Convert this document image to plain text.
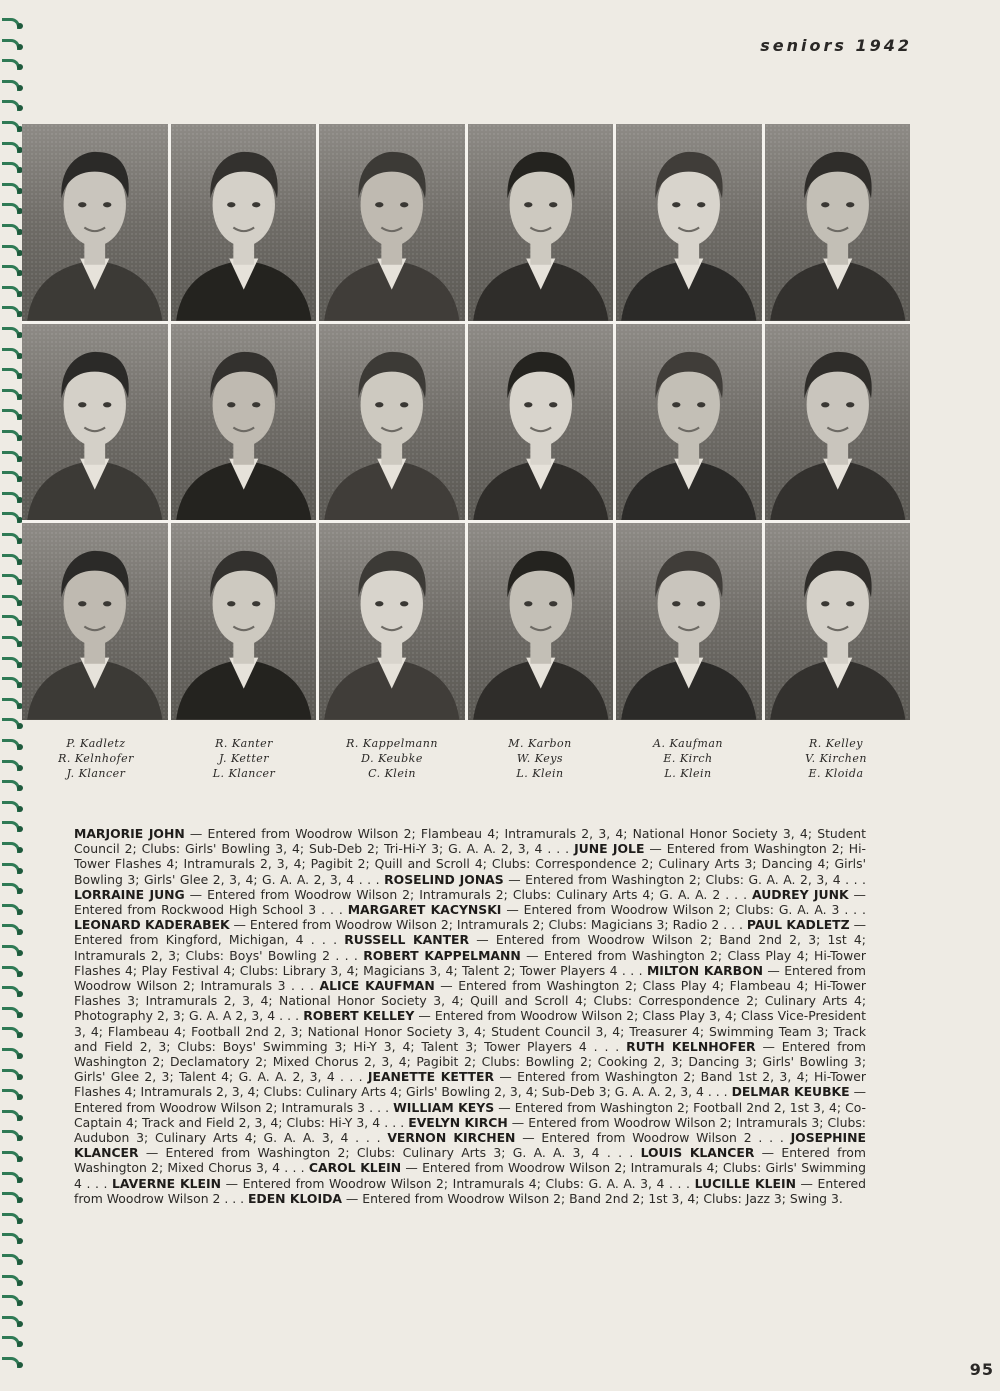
seniors 1942
P. Kadletz
R. Kelnhofer
J. Klancer
R. Kanter
J. Ketter
L. Klancer
R. Kappelmann
D. Keubke
C. Klein
M. Karbon
W. Keys
L. Klein
A. Kaufman
E. Kirch
L. Klein
R. Kelley
V. Kirchen
E. Kloida

MARJORIE JOHN — Entered from Woodrow Wilson 2; Flambeau 4; Intramurals 2, 3, 4; National Honor Society 3, 4; Student Council 2; Clubs: Girls' Bowling 3, 4; Sub-Deb 2; Tri-Hi-Y 3; G. A. A. 2, 3, 4 . . . JUNE JOLE — Entered from Washington 2; Hi-Tower Flashes 4; Intramurals 2, 3, 4; Pagibit 2; Quill and Scroll 4; Clubs: Correspondence 2; Culinary Arts 3; Dancing 4; Girls' Bowling 3; Girls' Glee 2, 3, 4; G. A. A. 2, 3, 4 . . . ROSELIND JONAS — Entered from Washington 2; Clubs: G. A. A. 2, 3, 4 . . . LORRAINE JUNG — Entered from Woodrow Wilson 2; Intramurals 2; Clubs: Culinary Arts 4; G. A. A. 2 . . . AUDREY JUNK — Entered from Rockwood High School 3 . . . MARGARET KACYNSKI — Entered from Woodrow Wilson 2; Clubs: G. A. A. 3 . . . LEONARD KADERABEK — Entered from Woodrow Wilson 2; Intramurals 2; Clubs: Magicians 3; Radio 2 . . . PAUL KADLETZ — Entered from Kingford, Michigan, 4 . . . RUSSELL KANTER — Entered from Woodrow Wilson 2; Band 2nd 2, 3; 1st 4; Intramurals 2, 3; Clubs: Boys' Bowling 2 . . . ROBERT KAPPELMANN — Entered from Washington 2; Class Play 4; Hi-Tower Flashes 4; Play Festival 4; Clubs: Library 3, 4; Magicians 3, 4; Talent 2; Tower Players 4 . . . MILTON KARBON — Entered from Woodrow Wilson 2; Intramurals 3 . . . ALICE KAUFMAN — Entered from Washington 2; Class Play 4; Flambeau 4; Hi-Tower Flashes 3; Intramurals 2, 3, 4; National Honor Society 3, 4; Quill and Scroll 4; Clubs: Correspondence 2; Culinary Arts 4; Photography 2, 3; G. A. A 2, 3, 4 . . . ROBERT KELLEY — Entered from Woodrow Wilson 2; Class Play 3, 4; Class Vice-President 3, 4; Flambeau 4; Football 2nd 2, 3; National Honor Society 3, 4; Student Council 3, 4; Treasurer 4; Swimming Team 3; Track and Field 2, 3; Clubs: Boys' Swimming 3; Hi-Y 3, 4; Talent 3; Tower Players 4 . . . RUTH KELNHOFER — Entered from Washington 2; Declamatory 2; Mixed Chorus 2, 3, 4; Pagibit 2; Clubs: Bowling 2; Cooking 2, 3; Dancing 3; Girls' Bowling 3; Girls' Glee 2, 3; Talent 4; G. A. A. 2, 3, 4 . . . JEANETTE KETTER — Entered from Washington 2; Band 1st 2, 3, 4; Hi-Tower Flashes 4; Intramurals 2, 3, 4; Clubs: Culinary Arts 4; Girls' Bowling 2, 3, 4; Sub-Deb 3; G. A. A. 2, 3, 4 . . . DELMAR KEUBKE — Entered from Woodrow Wilson 2; Intramurals 3 . . . WILLIAM KEYS — Entered from Washington 2; Football 2nd 2, 1st 3, 4; Co-Captain 4; Track and Field 2, 3, 4; Clubs: Hi-Y 3, 4 . . . EVELYN KIRCH — Entered from Woodrow Wilson 2; Intramurals 3; Clubs: Audubon 3; Culinary Arts 4; G. A. A. 3, 4 . . . VERNON KIRCHEN — Entered from Woodrow Wilson 2 . . . JOSEPHINE KLANCER — Entered from Washington 2; Clubs: Culinary Arts 3; G. A. A. 3, 4 . . . LOUIS KLANCER — Entered from Washington 2; Mixed Chorus 3, 4 . . . CAROL KLEIN — Entered from Woodrow Wilson 2; Intramurals 4; Clubs: Girls' Swimming 4 . . . LAVERNE KLEIN — Entered from Woodrow Wilson 2; Intramurals 4; Clubs: G. A. A. 3, 4 . . . LUCILLE KLEIN — Entered from Woodrow Wilson 2 . . . EDEN KLOIDA — Entered from Woodrow Wilson 2; Band 2nd 2; 1st 3, 4; Clubs: Jazz 3; Swing 3.

95
